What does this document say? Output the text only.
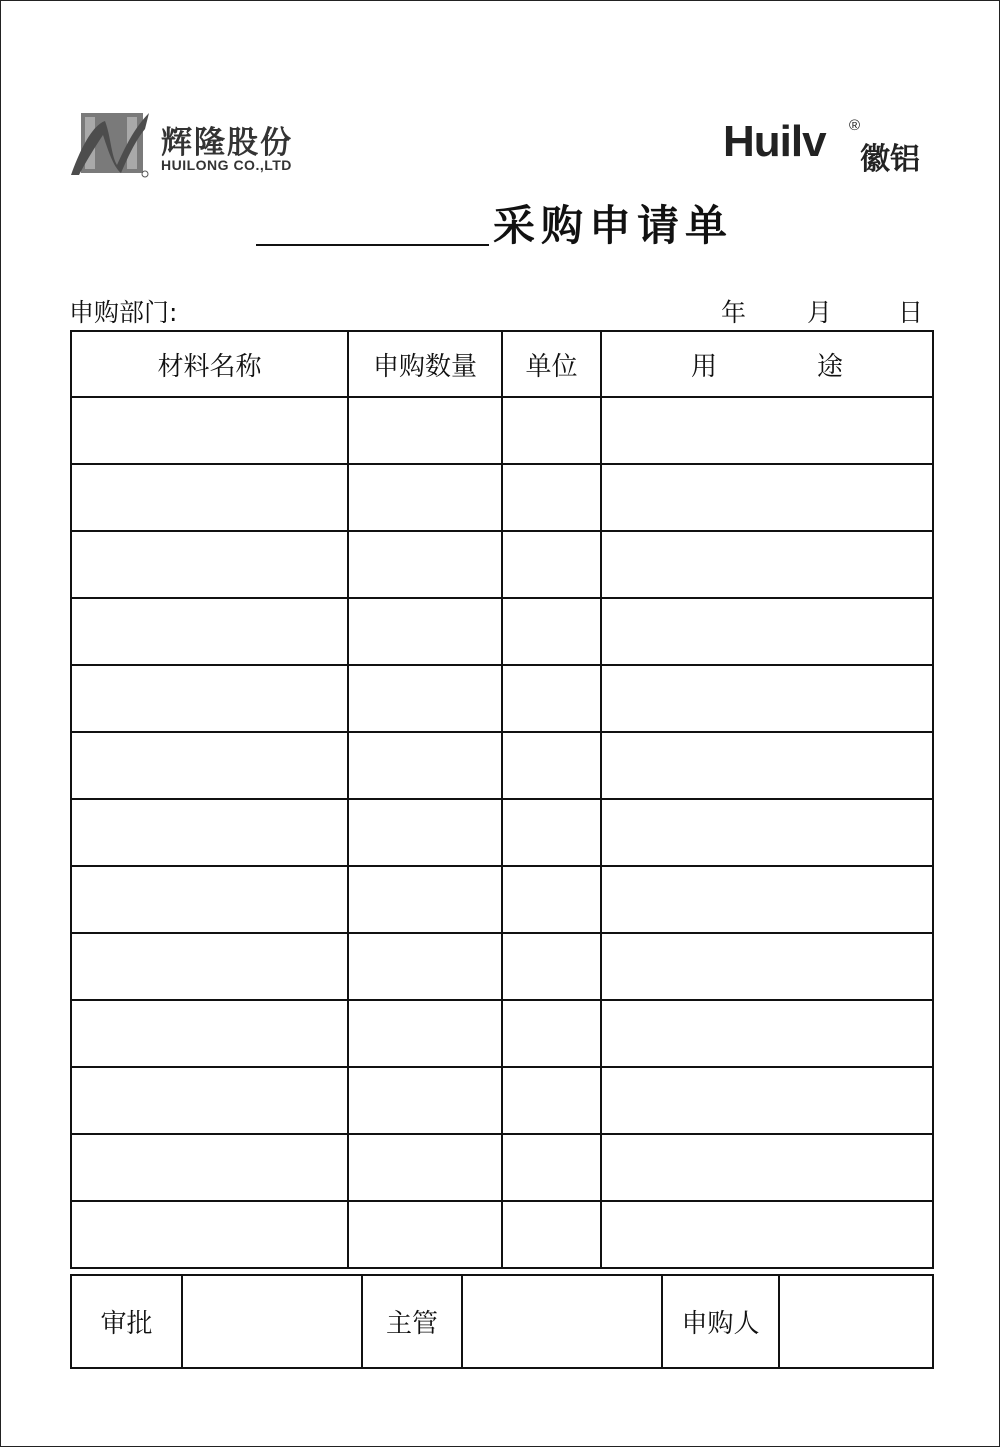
辉隆股份
HUILONG CO.,LTD	Huilv ®
徽铝
采购申请单
申购部门:	年 月	日
材料名称	申购数量	单位	用 途

审批		主管		申购人	
